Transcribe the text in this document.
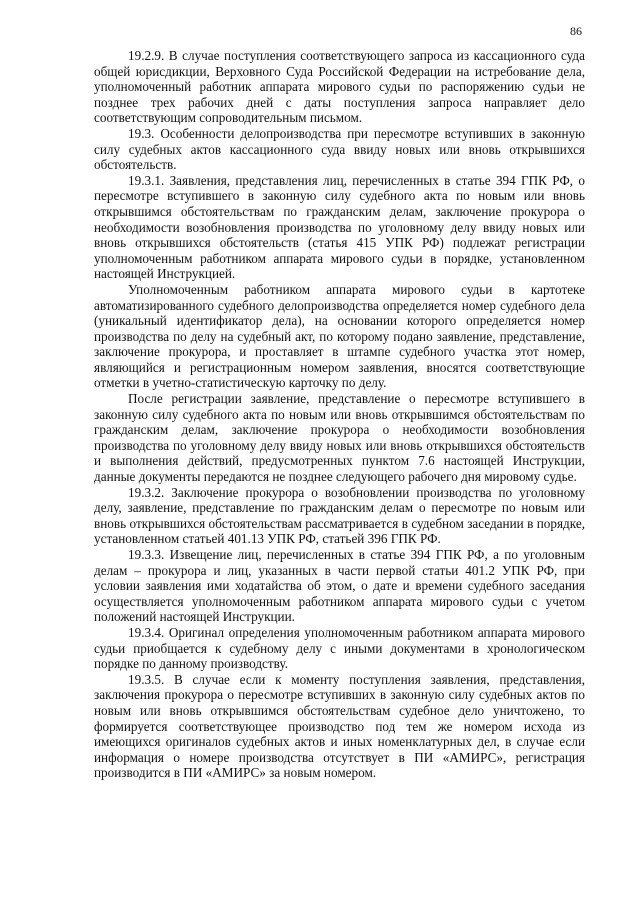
86

19.2.9. В случае поступления соответствующего запроса из кассационного суда общей юрисдикции, Верховного Суда Российской Федерации на истребование дела, уполномоченный работник аппарата мирового судьи по распоряжению судьи не позднее трех рабочих дней с даты поступления запроса направляет дело соответствующим сопроводительным письмом.

19.3. Особенности делопроизводства при пересмотре вступивших в законную силу судебных актов кассационного суда ввиду новых или вновь открывшихся обстоятельств.

19.3.1. Заявления, представления лиц, перечисленных в статье 394 ГПК РФ, о пересмотре вступившего в законную силу судебного акта по новым или вновь открывшимся обстоятельствам по гражданским делам, заключение прокурора о необходимости возобновления производства по уголовному делу ввиду новых или вновь открывшихся обстоятельств (статья 415 УПК РФ) подлежат регистрации уполномоченным работником аппарата мирового судьи в порядке, установленном настоящей Инструкцией.

Уполномоченным работником аппарата мирового судьи в картотеке автоматизированного судебного делопроизводства определяется номер судебного дела (уникальный идентификатор дела), на основании которого определяется номер производства по делу на судебный акт, по которому подано заявление, представление, заключение прокурора, и проставляет в штампе судебного участка этот номер, являющийся и регистрационным номером заявления, вносятся соответствующие отметки в учетно-статистическую карточку по делу.

После регистрации заявление, представление о пересмотре вступившего в законную силу судебного акта по новым или вновь открывшимся обстоятельствам по гражданским делам, заключение прокурора о необходимости возобновления производства по уголовному делу ввиду новых или вновь открывшихся обстоятельств и выполнения действий, предусмотренных пунктом 7.6 настоящей Инструкции, данные документы передаются не позднее следующего рабочего дня мировому судье.

19.3.2. Заключение прокурора о возобновлении производства по уголовному делу, заявление, представление по гражданским делам о пересмотре по новым или вновь открывшихся обстоятельствам рассматривается в судебном заседании в порядке, установленном статьей 401.13 УПК РФ, статьей 396 ГПК РФ.

19.3.3. Извещение лиц, перечисленных в статье 394 ГПК РФ, а по уголовным делам – прокурора и лиц, указанных в части первой статьи 401.2 УПК РФ, при условии заявления ими ходатайства об этом, о дате и времени судебного заседания осуществляется уполномоченным работником аппарата мирового судьи с учетом положений настоящей Инструкции.

19.3.4. Оригинал определения уполномоченным работником аппарата мирового судьи приобщается к судебному делу с иными документами в хронологическом порядке по данному производству.

19.3.5. В случае если к моменту поступления заявления, представления, заключения прокурора о пересмотре вступивших в законную силу судебных актов по новым или вновь открывшимся обстоятельствам судебное дело уничтожено, то формируется соответствующее производство под тем же номером исхода из имеющихся оригиналов судебных актов и иных номенклатурных дел, в случае если информация о номере производства отсутствует в ПИ «АМИРС», регистрация производится в ПИ «АМИРС» за новым номером.
